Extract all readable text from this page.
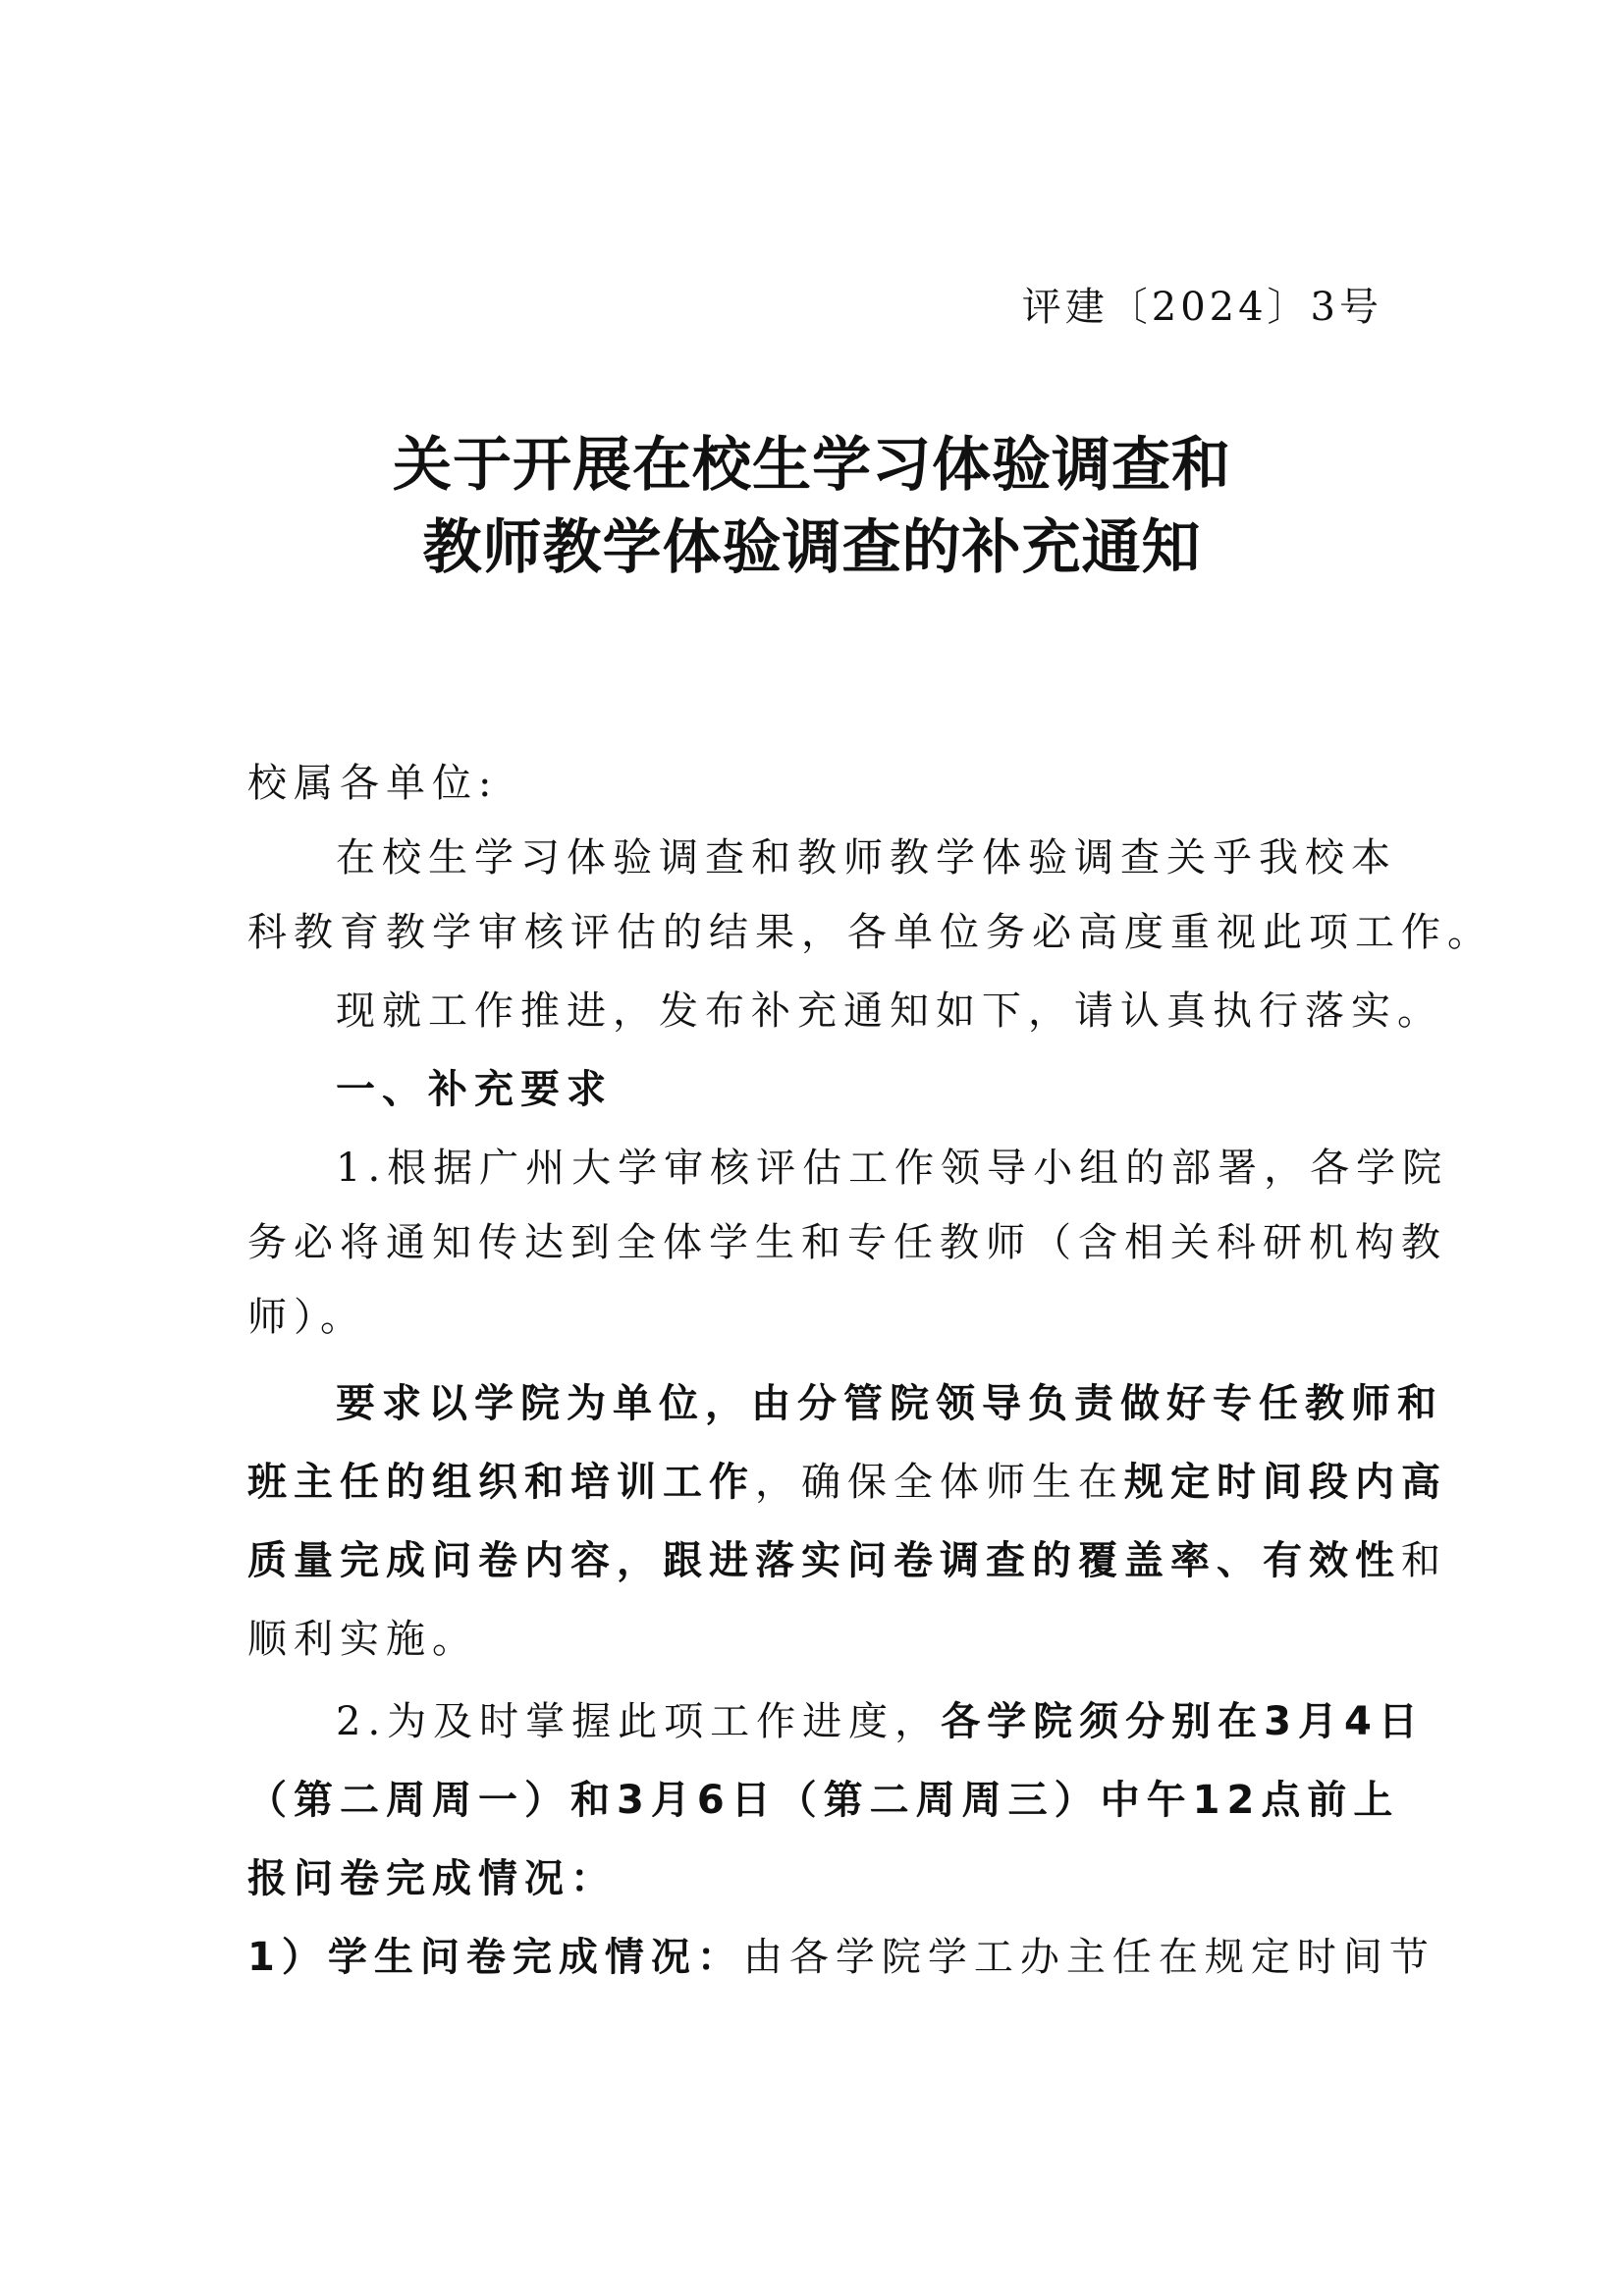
评建〔2024〕3号
关于开展在校生学习体验调查和
教师教学体验调查的补充通知
校属各单位:
在校生学习体验调查和教师教学体验调查关乎我校本
科教育教学审核评估的结果，各单位务必高度重视此项工作。
现就工作推进，发布补充通知如下，请认真执行落实。
一、补充要求
1.根据广州大学审核评估工作领导小组的部署，各学院
务必将通知传达到全体学生和专任教师（含相关科研机构教
师）。
要求以学院为单位，由分管院领导负责做好专任教师和
班主任的组织和培训工作，确保全体师生在规定时间段内高
质量完成问卷内容，跟进落实问卷调查的覆盖率、有效性和
顺利实施。
2.为及时掌握此项工作进度，各学院须分别在3月4日
（第二周周一）和3月6日（第二周周三）中午12点前上
报问卷完成情况：
1）学生问卷完成情况：由各学院学工办主任在规定时间节
